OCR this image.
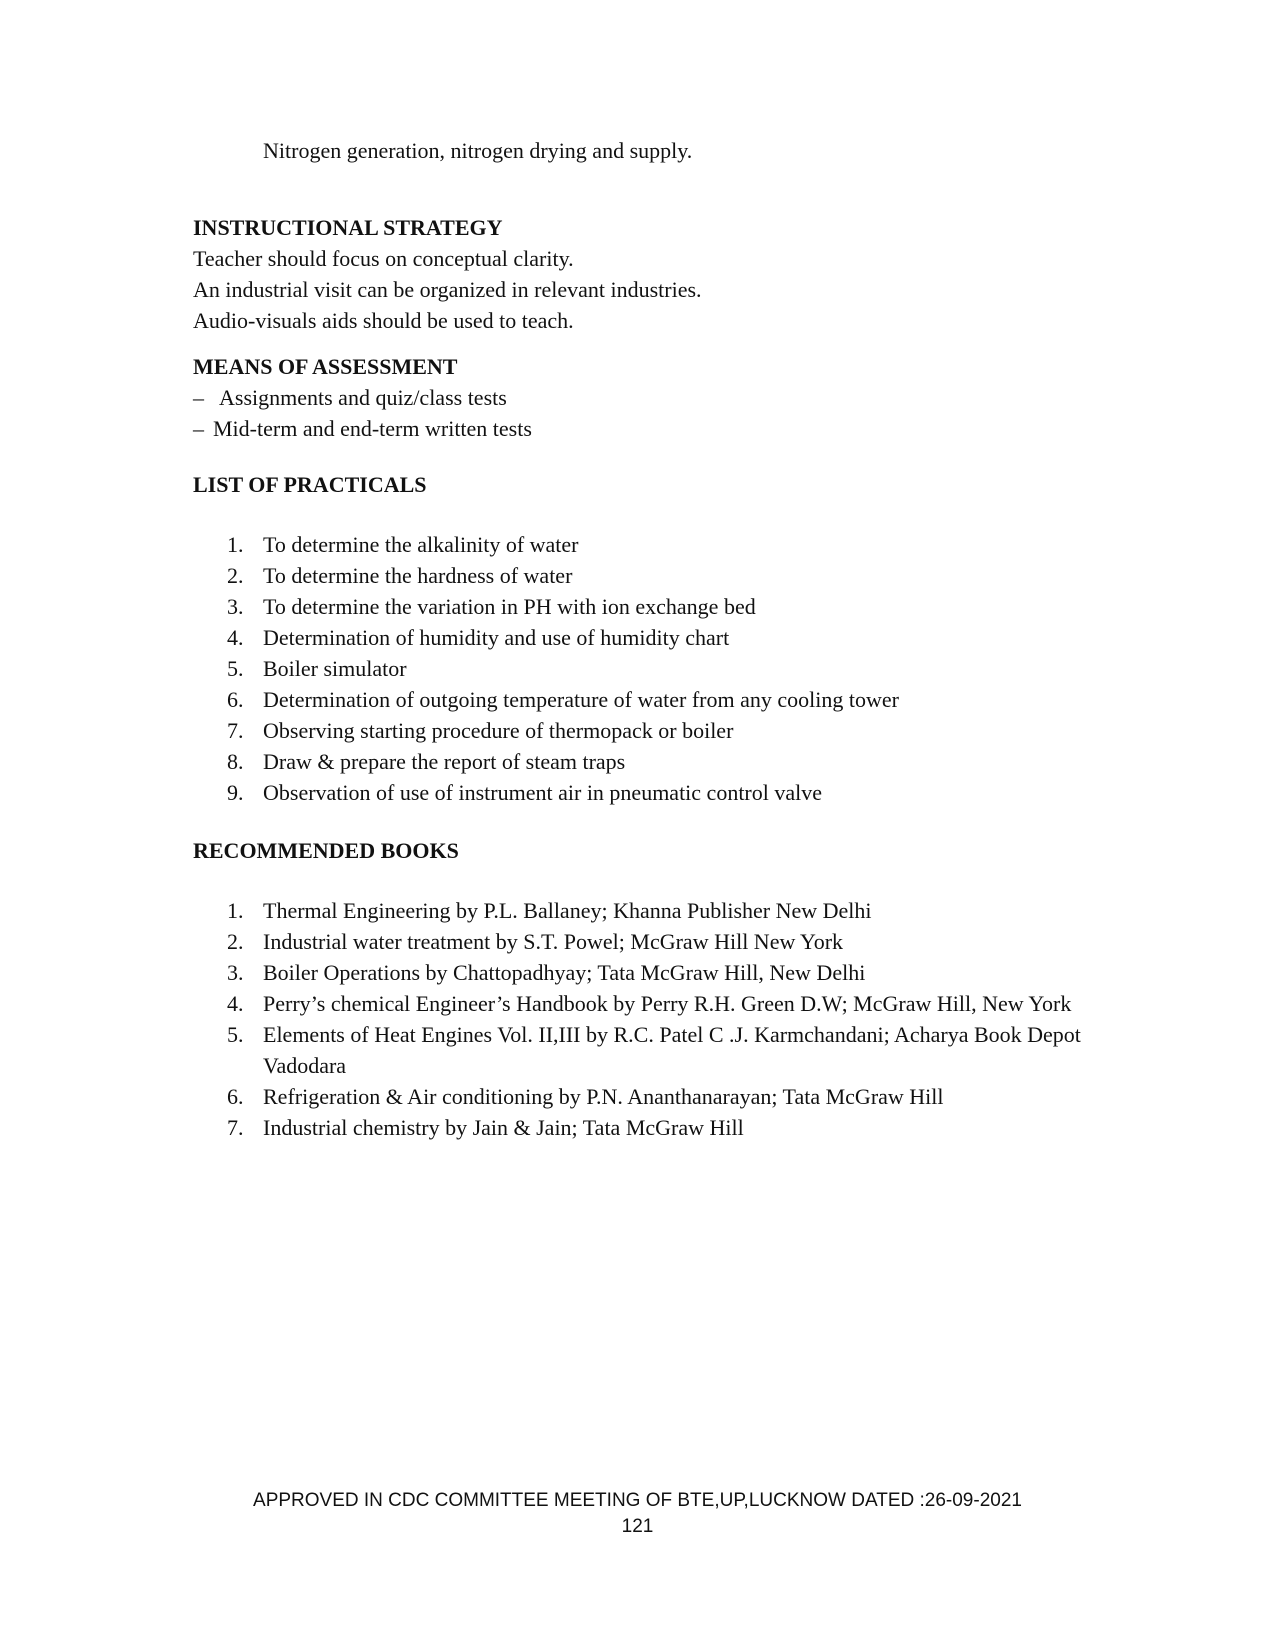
Nitrogen generation, nitrogen drying and supply.

INSTRUCTIONAL STRATEGY

Teacher should focus on conceptual clarity.

An industrial visit can be organized in relevant industries.

Audio-visuals aids should be used to teach.

MEANS OF ASSESSMENT
– Assignments and quiz/class tests
– Mid-term and end-term written tests
LIST OF PRACTICALS
1. To determine the alkalinity of water
2. To determine the hardness of water
3. To determine the variation in PH with ion exchange bed
4. Determination of humidity and use of humidity chart
5. Boiler simulator
6. Determination of outgoing temperature of water from any cooling tower
7. Observing starting procedure of thermopack or boiler
8. Draw & prepare the report of steam traps
9. Observation of use of instrument air in pneumatic control valve
RECOMMENDED BOOKS
1. Thermal Engineering by P.L. Ballaney; Khanna Publisher New Delhi
2. Industrial water treatment by S.T. Powel; McGraw Hill New York
3. Boiler Operations by Chattopadhyay; Tata McGraw Hill, New Delhi
4. Perry’s chemical Engineer’s Handbook by Perry R.H. Green D.W; McGraw Hill, New York
5. Elements of Heat Engines Vol. II,III by R.C. Patel C .J. Karmchandani; Acharya Book Depot Vadodara
6. Refrigeration & Air conditioning by P.N. Ananthanarayan; Tata McGraw Hill
7. Industrial chemistry by Jain & Jain; Tata McGraw Hill
APPROVED IN CDC COMMITTEE MEETING OF BTE,UP,LUCKNOW DATED :26-09-2021
121
